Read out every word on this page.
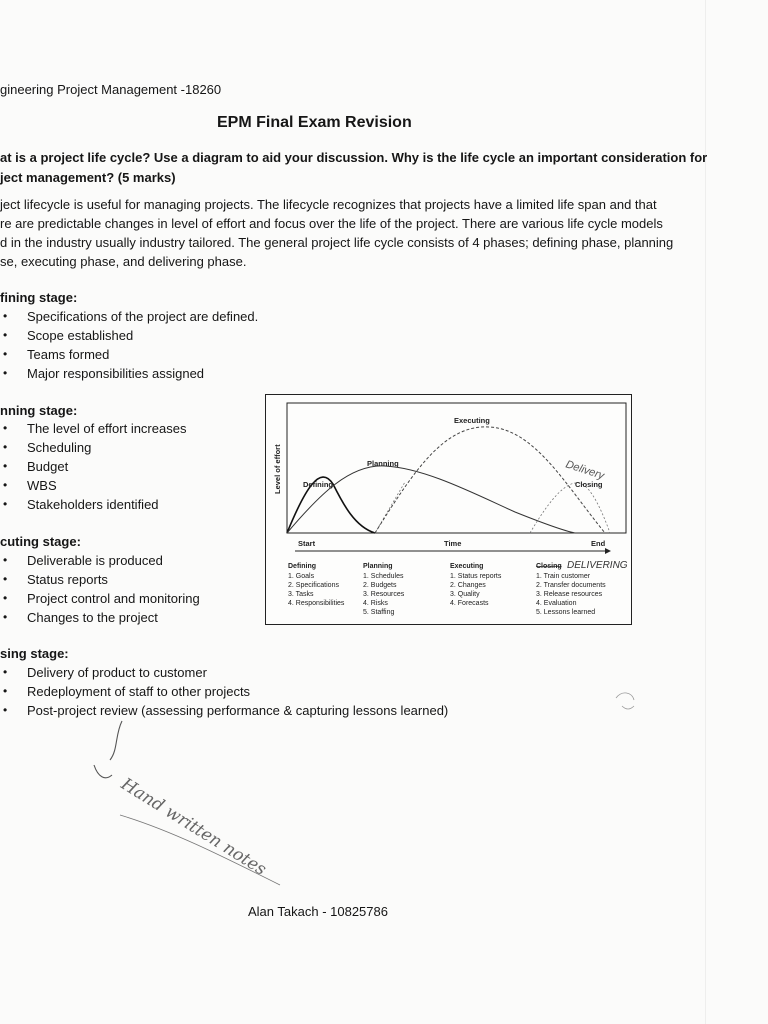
gineering Project Management -18260
EPM Final Exam Revision
at is a project life cycle? Use a diagram to aid your discussion. Why is the life cycle an important consideration for
ject management? (5 marks)
ject lifecycle is useful for managing projects. The lifecycle recognizes that projects have a limited life span and that
re are predictable changes in level of effort and focus over the life of the project. There are various life cycle models
d in the industry usually industry tailored. The general project life cycle consists of 4 phases; defining phase, planning
se, executing phase, and delivering phase.
fining stage:
• Specifications of the project are defined.
• Scope established
• Teams formed
• Major responsibilities assigned
nning stage:
• The level of effort increases
• Scheduling
• Budget
• WBS
• Stakeholders identified
cuting stage:
• Deliverable is produced
• Status reports
• Project control and monitoring
• Changes to the project
sing stage:
• Delivery of product to customer
• Redeployment of staff to other projects
• Post-project review (assessing performance & capturing lessons learned)
Level of effort	Defining
Planning
Executing
Closing
Delivery
Start	Time	End
Defining
1. Goals
2. Specifications
3. Tasks
4. Responsibilities
Planning
1. Schedules
2. Budgets
3. Resources
4. Risks
5. Staffing
Executing
1. Status reports
2. Changes
3. Quality
4. Forecasts
Closing DELIVERING
1. Train customer
2. Transfer documents
3. Release resources
4. Evaluation
5. Lessons learned
Hand written notes
Alan Takach - 10825786
